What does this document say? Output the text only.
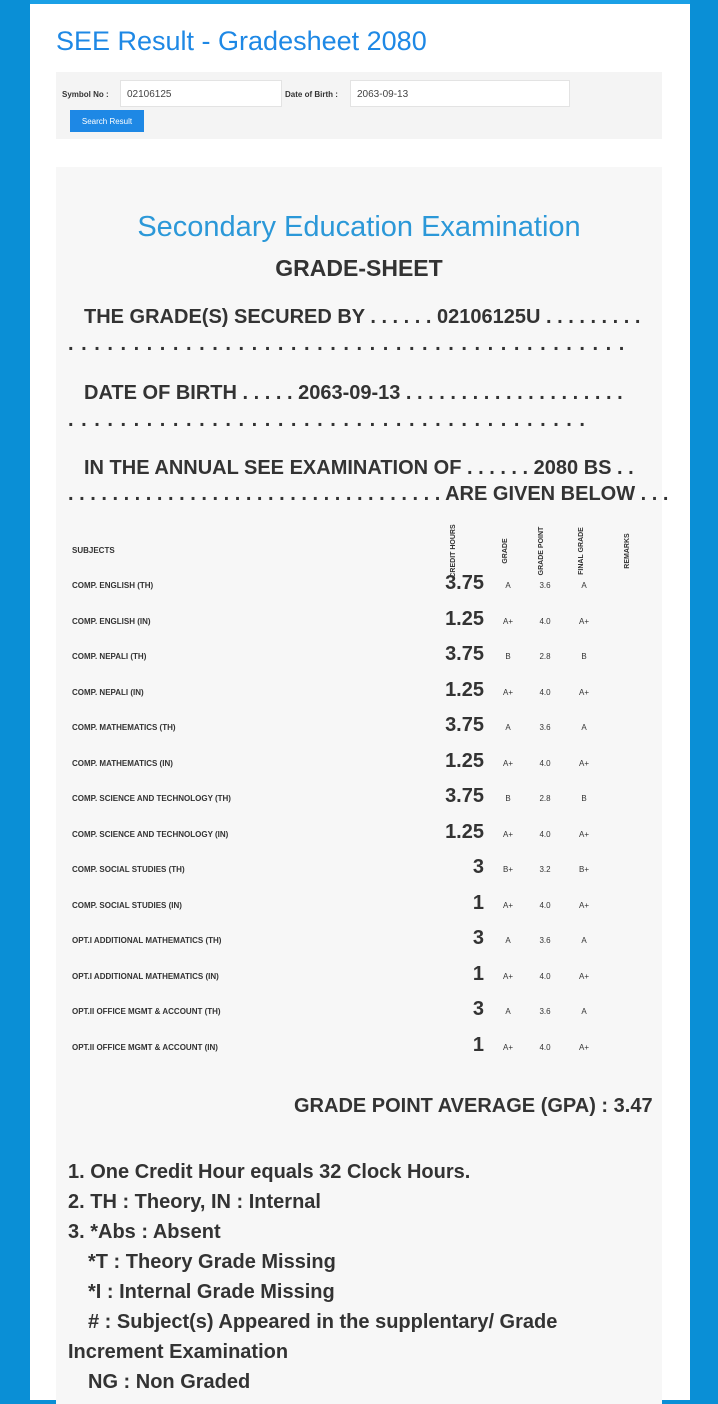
SEE Result - Gradesheet 2080
Symbol No :	02106125	Date of Birth :	2063-09-13
Search Result
Secondary Education Examination
GRADE-SHEET
THE GRADE(S) SECURED BY . . . . . . 02106125U . . . . . . . . .
. . . . . . . . . . . . . . . . . . . . . . . . . . . . . . . . . . . . . . . . . . .
DATE OF BIRTH . . . . . 2063-09-13 . . . . . . . . . . . . . . . . . . . .
. . . . . . . . . . . . . . . . . . . . . . . . . . . . . . . . . . . . . . . .
IN THE ANNUAL SEE EXAMINATION OF . . . . . . 2080 BS . .
. . . . . . . . . . . . . . . . . . . . . . . . . . . . . . . . . . ARE GIVEN BELOW . . .
SUBJECTS	CREDIT HOURS	GRADE	GRADE POINT	FINAL GRADE	REMARKS
COMP. ENGLISH (TH)	3.75	A	3.6	A
COMP. ENGLISH (IN)	1.25	A+	4.0	A+
COMP. NEPALI (TH)	3.75	B	2.8	B
COMP. NEPALI (IN)	1.25	A+	4.0	A+
COMP. MATHEMATICS (TH)	3.75	A	3.6	A
COMP. MATHEMATICS (IN)	1.25	A+	4.0	A+
COMP. SCIENCE AND TECHNOLOGY (TH)	3.75	B	2.8	B
COMP. SCIENCE AND TECHNOLOGY (IN)	1.25	A+	4.0	A+
COMP. SOCIAL STUDIES (TH)	3	B+	3.2	B+
COMP. SOCIAL STUDIES (IN)	1	A+	4.0	A+
OPT.I ADDITIONAL MATHEMATICS (TH)	3	A	3.6	A
OPT.I ADDITIONAL MATHEMATICS (IN)	1	A+	4.0	A+
OPT.II OFFICE MGMT & ACCOUNT (TH)	3	A	3.6	A
OPT.II OFFICE MGMT & ACCOUNT (IN)	1	A+	4.0	A+
GRADE POINT AVERAGE (GPA) : 3.47
1. One Credit Hour equals 32 Clock Hours.
2. TH : Theory, IN : Internal
3. *Abs : Absent
*T : Theory Grade Missing
*I : Internal Grade Missing
# : Subject(s) Appeared in the supplentary/ Grade
Increment Examination
NG : Non Graded
